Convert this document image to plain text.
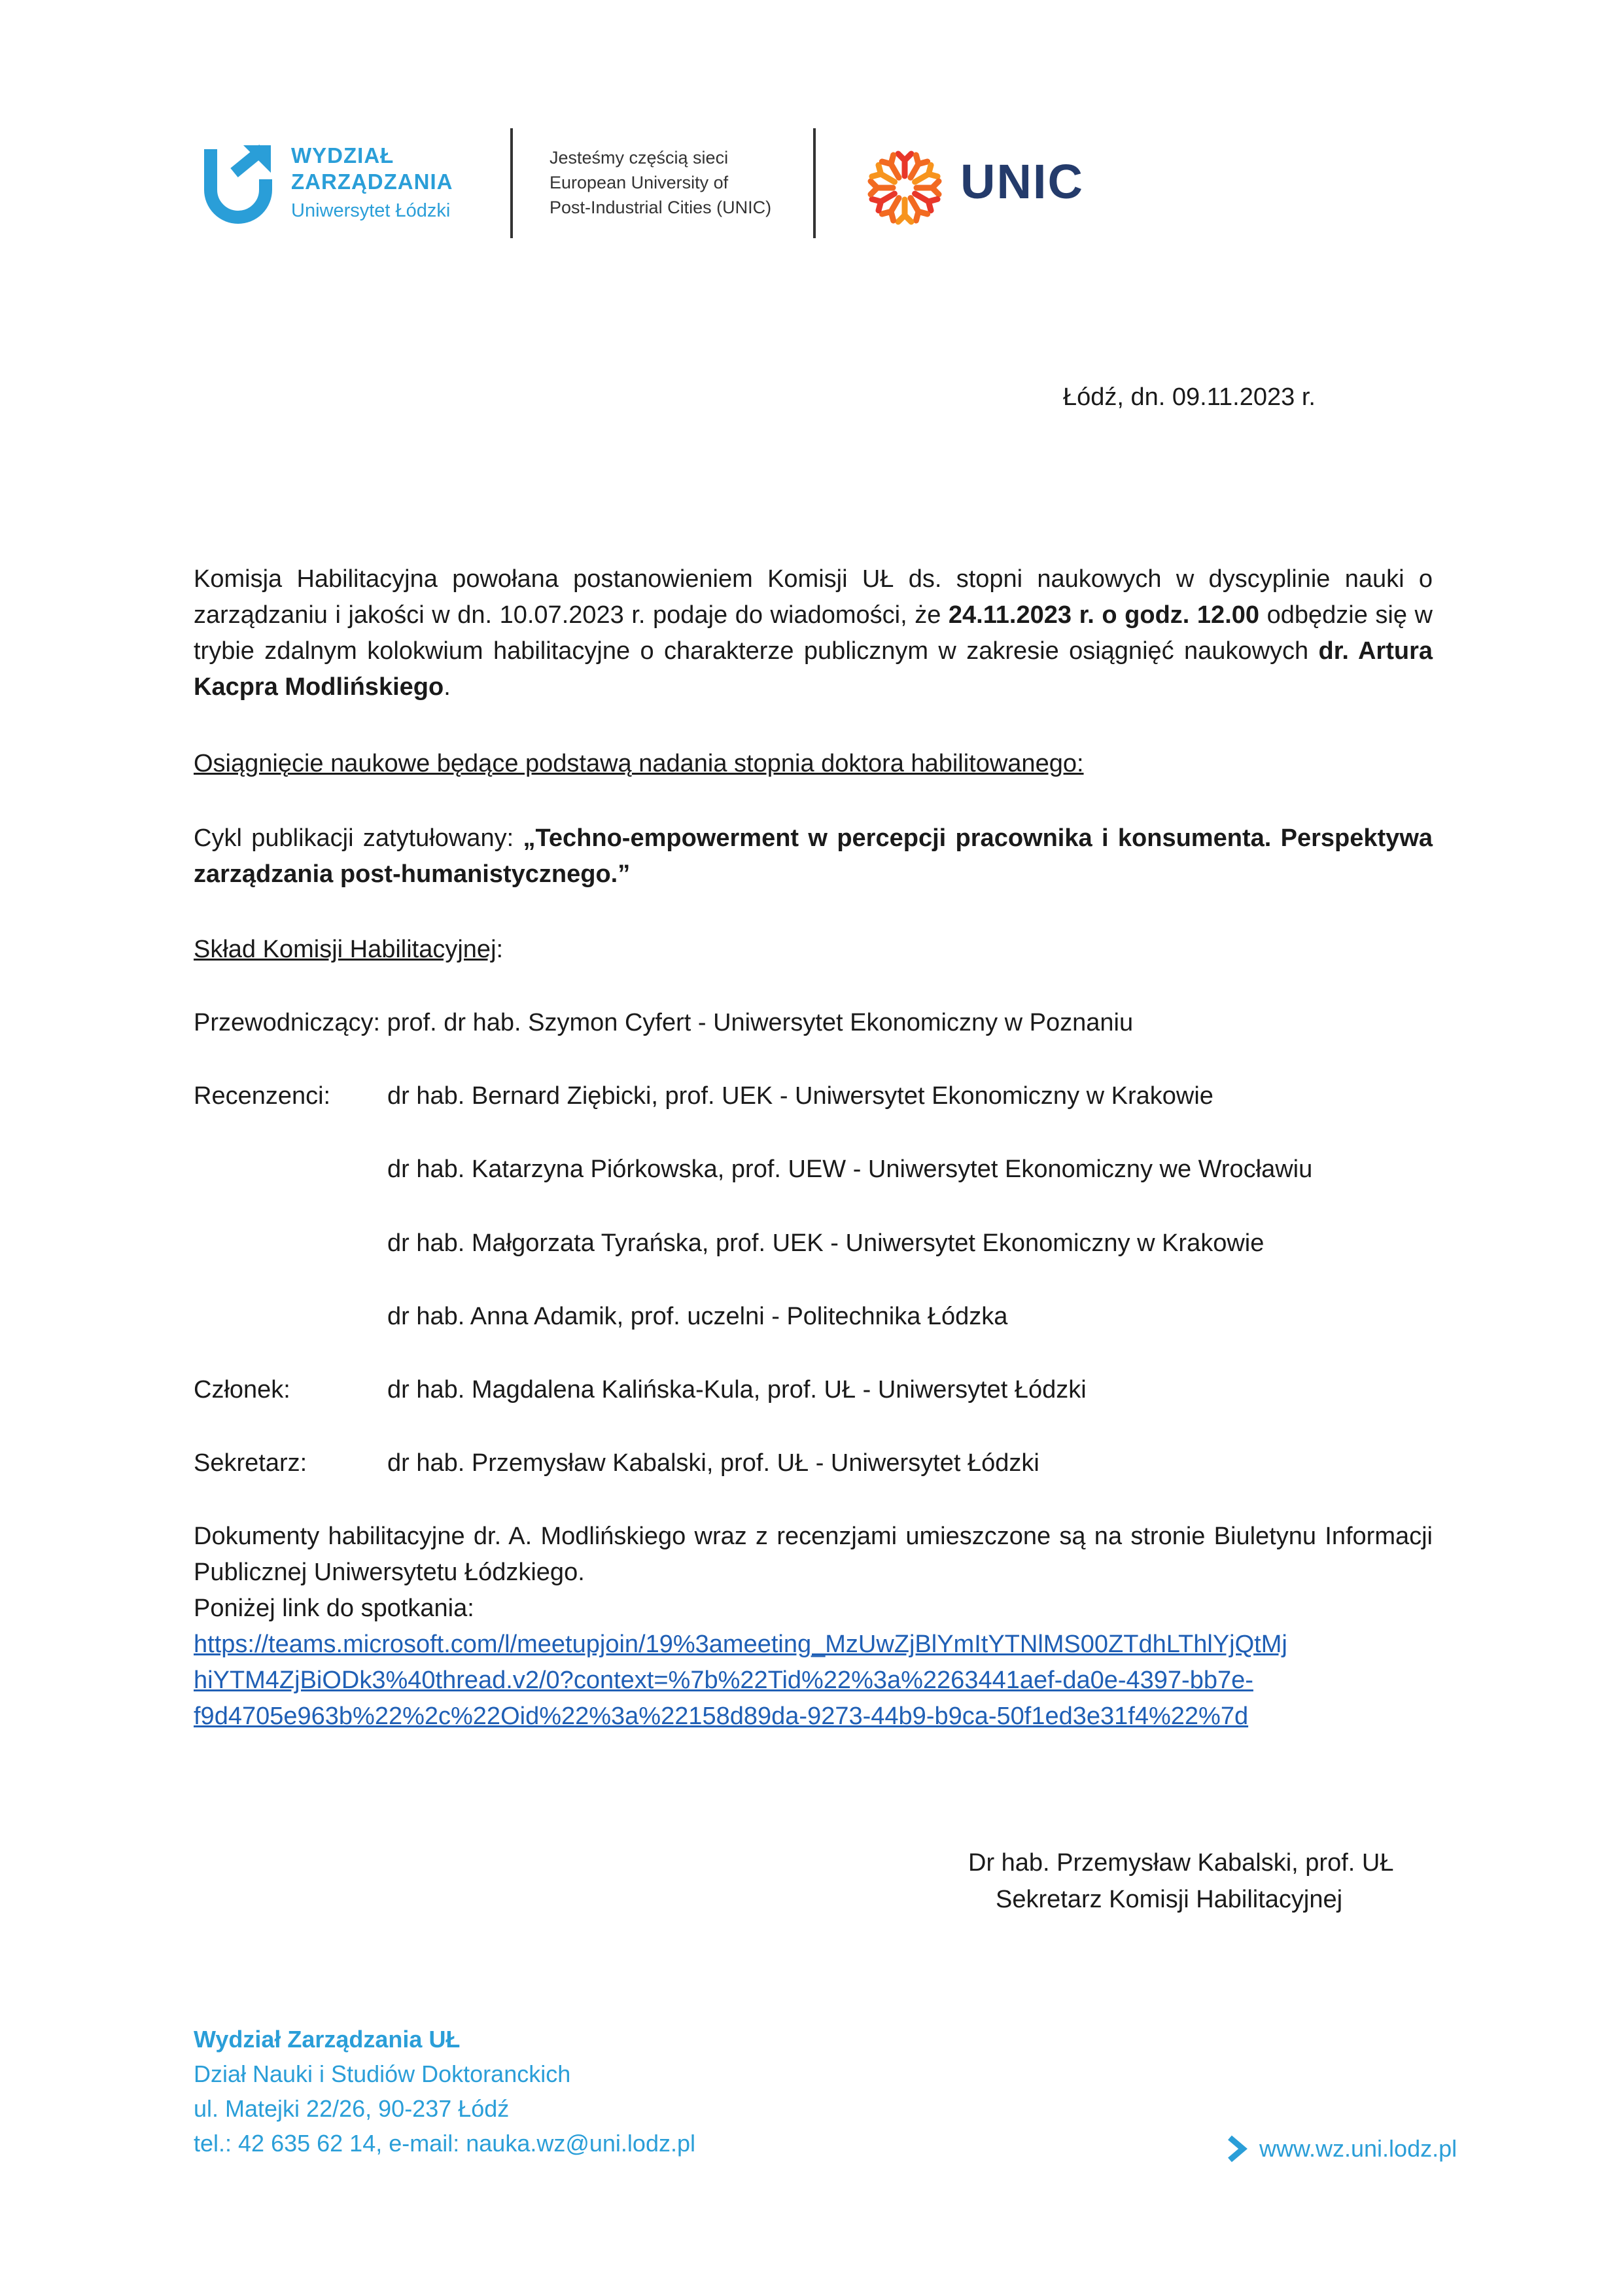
WYDZIAŁ
ZARZĄDZANIA
Uniwersytet Łódzki
Jesteśmy częścią sieci
European University of
Post-Industrial Cities (UNIC)	UNIC
Łódź, dn. 09.11.2023 r.
Komisja Habilitacyjna powołana postanowieniem Komisji UŁ ds. stopni naukowych w dyscyplinie nauki o zarządzaniu i jakości w dn. 10.07.2023 r. podaje do wiadomości, że 24.11.2023 r. o godz. 12.00 odbędzie się w trybie zdalnym kolokwium habilitacyjne o charakterze publicznym w zakresie osiągnięć naukowych dr. Artura Kacpra Modlińskiego.
Osiągnięcie naukowe będące podstawą nadania stopnia doktora habilitowanego:
Cykl publikacji zatytułowany: „Techno-empowerment w percepcji pracownika i konsumenta. Perspektywa zarządzania post-humanistycznego.”
Skład Komisji Habilitacyjnej:
Przewodniczący: prof. dr hab. Szymon Cyfert - Uniwersytet Ekonomiczny w Poznaniu
Recenzenci: dr hab. Bernard Ziębicki, prof. UEK - Uniwersytet Ekonomiczny w Krakowie
dr hab. Katarzyna Piórkowska, prof. UEW - Uniwersytet Ekonomiczny we Wrocławiu
dr hab. Małgorzata Tyrańska, prof. UEK - Uniwersytet Ekonomiczny w Krakowie
dr hab. Anna Adamik, prof. uczelni - Politechnika Łódzka
Członek:	dr hab. Magdalena Kalińska-Kula, prof. UŁ - Uniwersytet Łódzki
Sekretarz:	dr hab. Przemysław Kabalski, prof. UŁ - Uniwersytet Łódzki
Dokumenty habilitacyjne dr. A. Modlińskiego wraz z recenzjami umieszczone są na stronie Biuletynu Informacji Publicznej Uniwersytetu Łódzkiego.
Poniżej link do spotkania:
https://teams.microsoft.com/l/meetupjoin/19%3ameeting_MzUwZjBlYmItYTNlMS00ZTdhLThlYjQtMj
hiYTM4ZjBiODk3%40thread.v2/0?context=%7b%22Tid%22%3a%2263441aef-da0e-4397-bb7e-
f9d4705e963b%22%2c%22Oid%22%3a%22158d89da-9273-44b9-b9ca-50f1ed3e31f4%22%7d
Dr hab. Przemysław Kabalski, prof. UŁ
Sekretarz Komisji Habilitacyjnej
Wydział Zarządzania UŁ
Dział Nauki i Studiów Doktoranckich
ul. Matejki 22/26, 90-237 Łódź
tel.: 42 635 62 14, e-mail: nauka.wz@uni.lodz.pl	www.wz.uni.lodz.pl
